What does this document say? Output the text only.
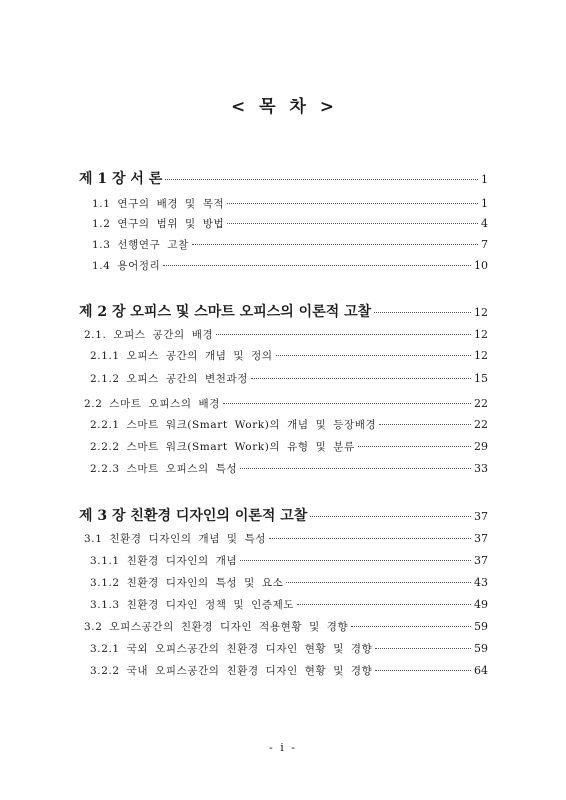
< 목 차 >
제 1 장 서 론	1
1.1 연구의 배경 및 목적	1
1.2 연구의 범위 및 방법	4
1.3 선행연구 고찰	7
1.4 용어정리	10
제 2 장 오피스 및 스마트 오피스의 이론적 고찰	12
2.1. 오피스 공간의 배경	12
2.1.1 오피스 공간의 개념 및 정의	12
2.1.2 오피스 공간의 변천과정	15
2.2 스마트 오피스의 배경	22
2.2.1 스마트 워크(Smart Work)의 개념 및 등장배경	22
2.2.2 스마트 워크(Smart Work)의 유형 및 분류	29
2.2.3 스마트 오피스의 특성	33
제 3 장 친환경 디자인의 이론적 고찰	37
3.1 친환경 디자인의 개념 및 특성	37
3.1.1 친환경 디자인의 개념	37
3.1.2 친환경 디자인의 특성 및 요소	43
3.1.3 친환경 디자인 정책 및 인증제도	49
3.2 오피스공간의 친환경 디자인 적용현황 및 경향	59
3.2.1 국외 오피스공간의 친환경 디자인 현황 및 경향	59
3.2.2 국내 오피스공간의 친환경 디자인 현황 및 경향	64
- i -
